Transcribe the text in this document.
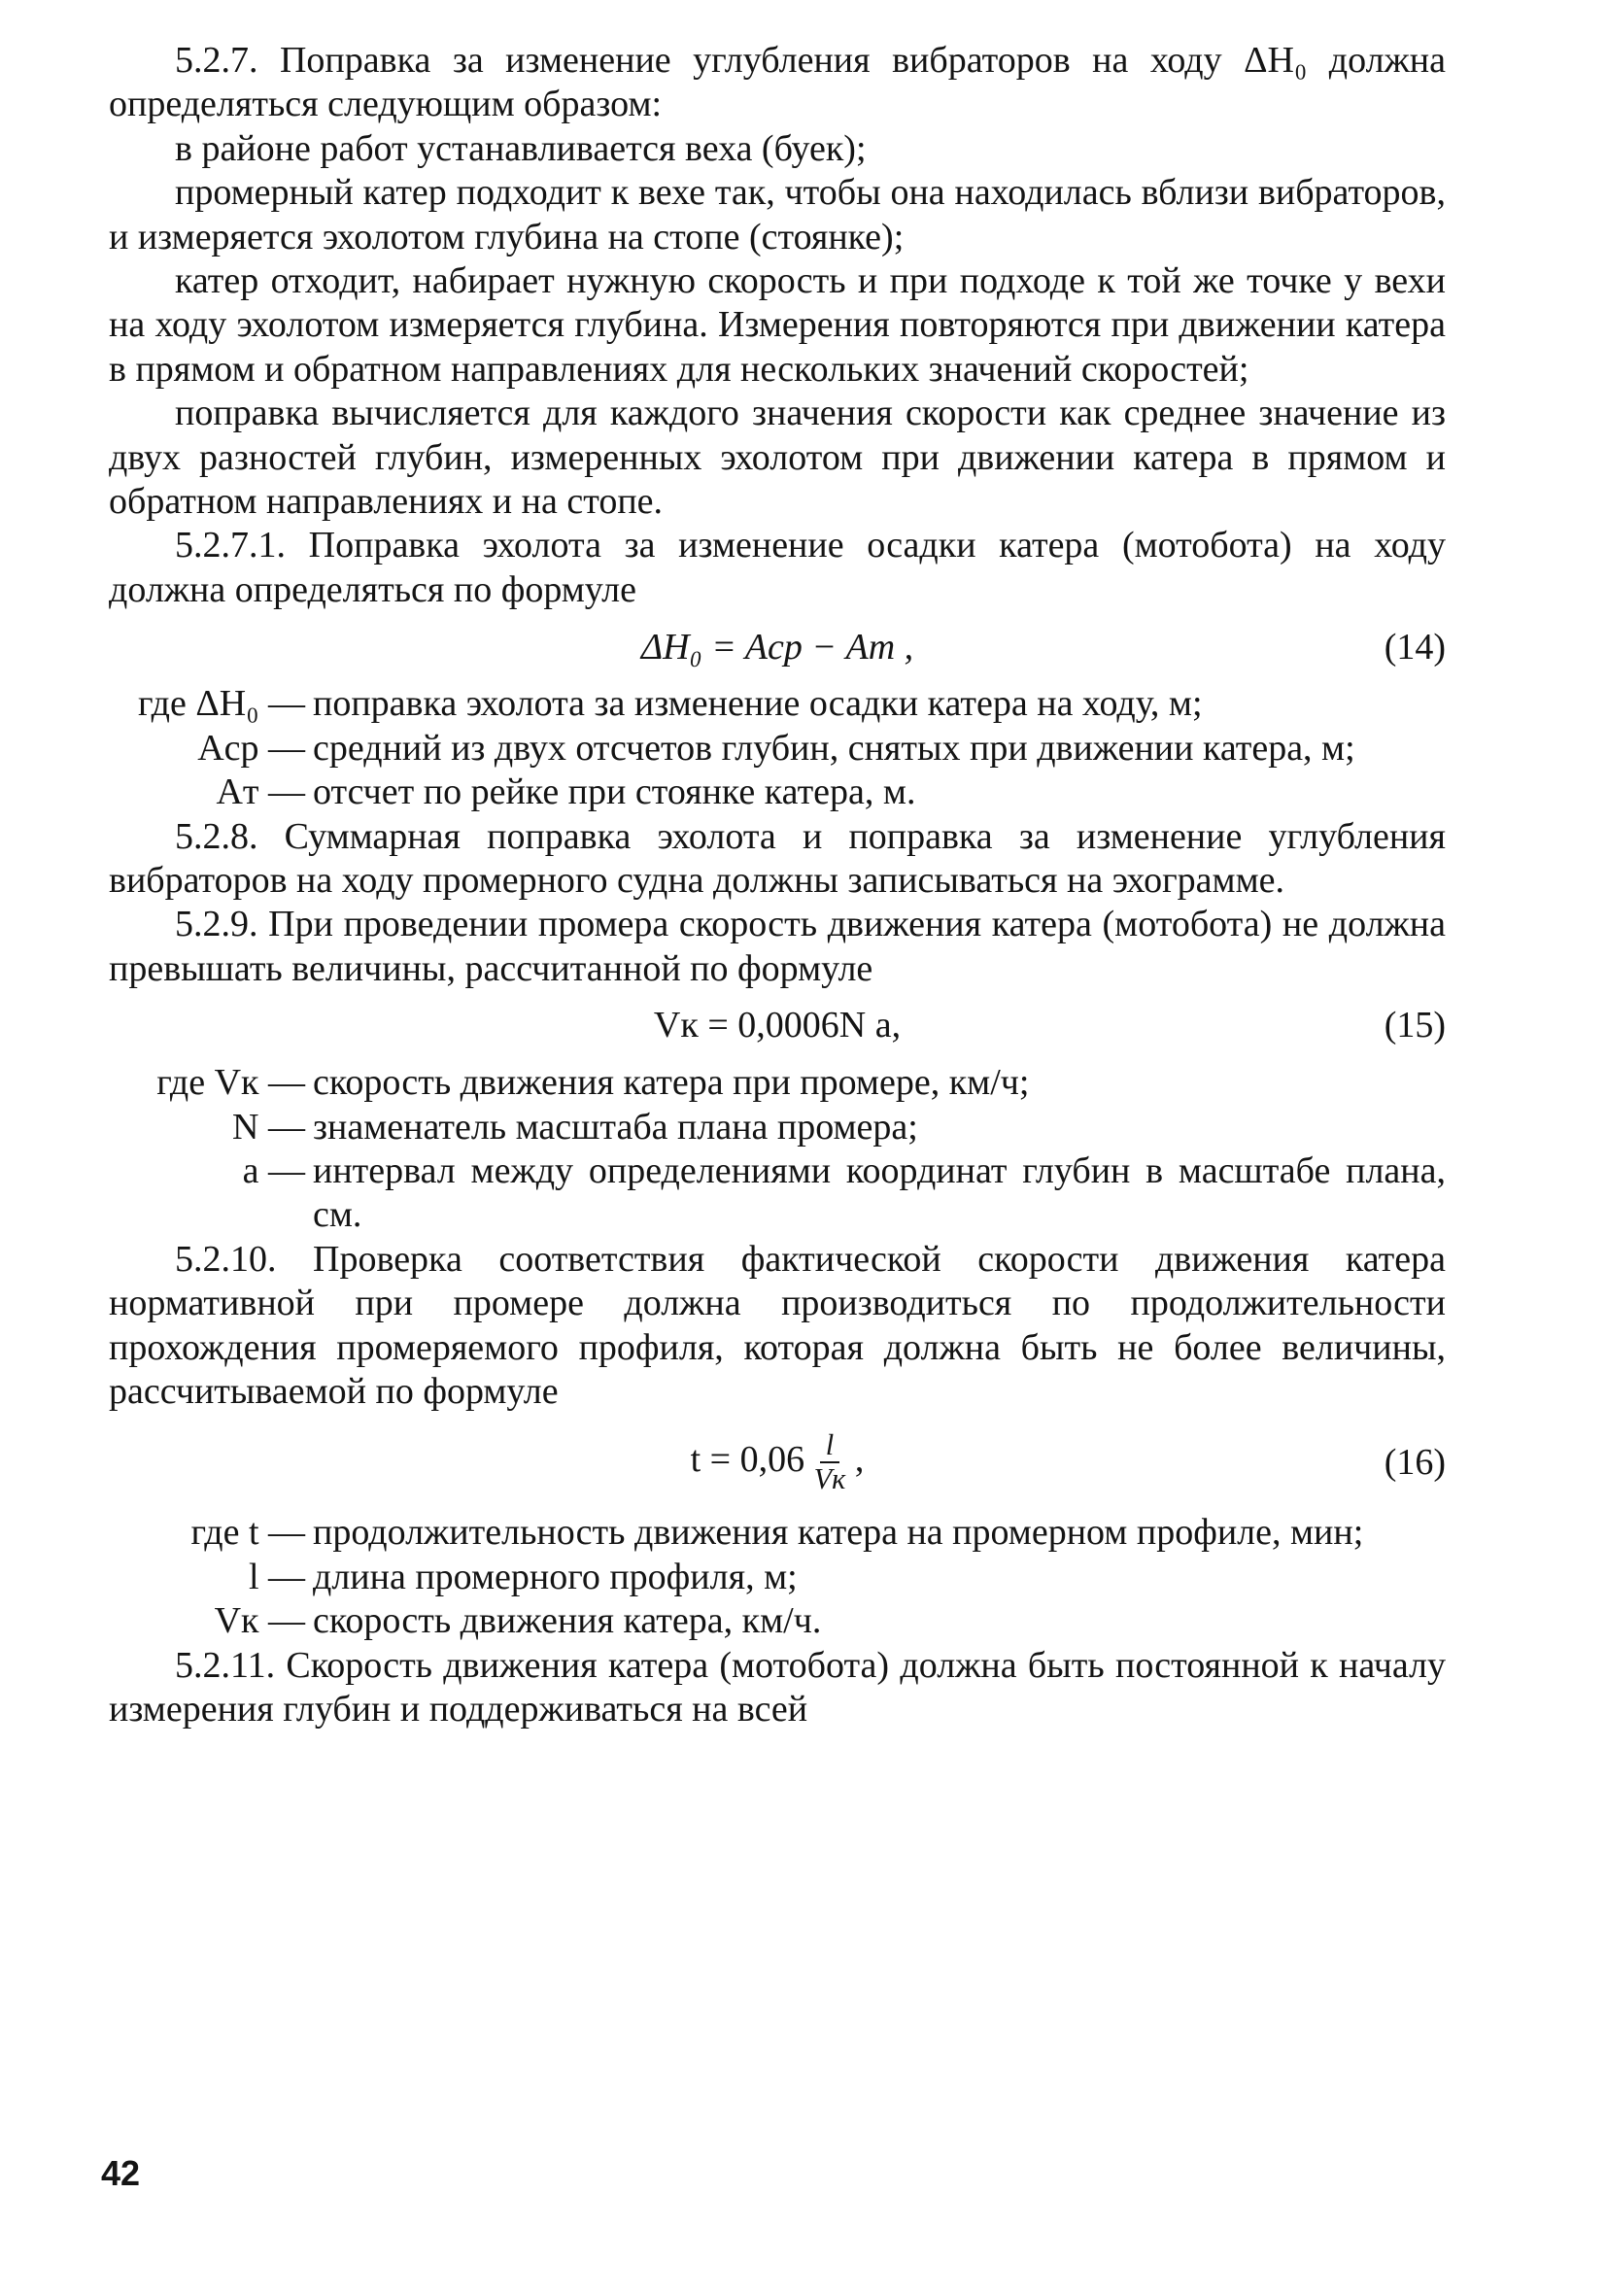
5.2.7. Поправка за изменение углубления вибраторов на ходу ΔH₀ должна определяться следующим образом:

в районе работ устанавливается веха (буек);

промерный катер подходит к вехе так, чтобы она находилась вблизи вибраторов, и измеряется эхолотом глубина на стопе (стоянке);

катер отходит, набирает нужную скорость и при подходе к той же точке у вехи на ходу эхолотом измеряется глубина. Измерения повторяются при движении катера в прямом и обратном направлениях для нескольких значений скоростей;

поправка вычисляется для каждого значения скорости как среднее значение из двух разностей глубин, измеренных эхолотом при движении катера в прямом и обратном направлениях и на стопе.

5.2.7.1. Поправка эхолота за изменение осадки катера (мотобота) на ходу должна определяться по формуле

ΔH₀ = Aср − Aт ,	(14)
где ΔH₀ — поправка эхолота за изменение осадки катера на ходу, м;
Aср — средний из двух отсчетов глубин, снятых при движении катера, м;
Aт — отсчет по рейке при стоянке катера, м.

5.2.8. Суммарная поправка эхолота и поправка за изменение углубления вибраторов на ходу промерного судна должны записываться на эхограмме.

5.2.9. При проведении промера скорость движения катера (мотобота) не должна превышать величины, рассчитанной по формуле

Vк = 0,0006N a,	(15)
где Vк — скорость движения катера при промере, км/ч;
N — знаменатель масштаба плана промера;
а — интервал между определениями координат глубин в масштабе плана, см.

5.2.10. Проверка соответствия фактической скорости движения катера нормативной при промере должна производиться по продолжительности прохождения промеряемого профиля, которая должна быть не более величины, рассчитываемой по формуле

t = 0,06 l
Vк ,	(16)
где t — продолжительность движения катера на промерном профиле, мин;
l — длина промерного профиля, м;
Vк — скорость движения катера, км/ч.

5.2.11. Скорость движения катера (мотобота) должна быть постоянной к началу измерения глубин и поддерживаться на всей

42
